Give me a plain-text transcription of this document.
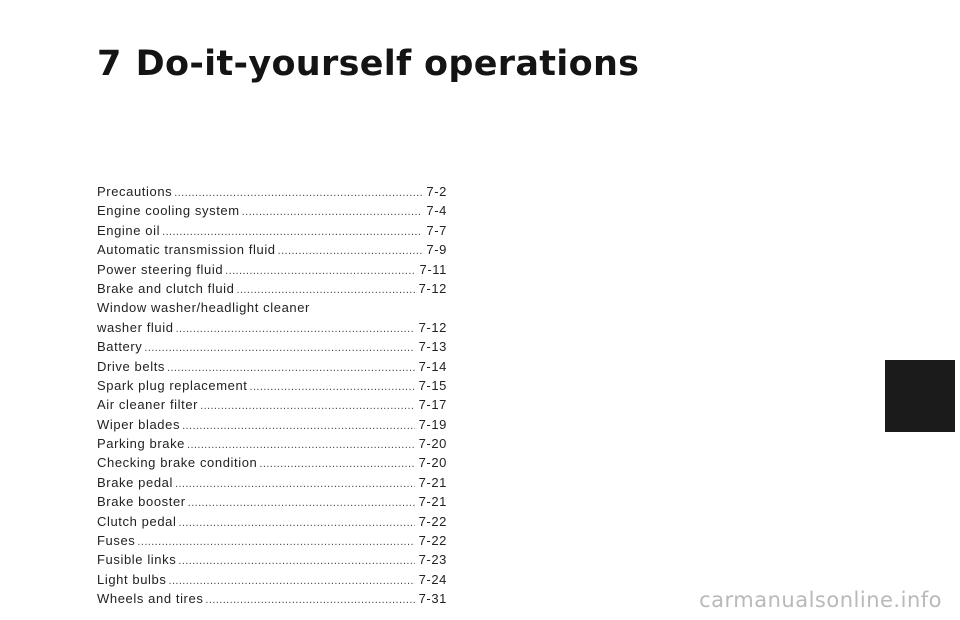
7 Do-it-yourself operations
Precautions .....	7-2
Engine cooling system .....	7-4
Engine oil .....	7-7
Automatic transmission fluid .....	7-9
Power steering fluid .....	7-11
Brake and clutch fluid .....	7-12
Window washer/headlight cleaner
washer fluid .....	7-12
Battery .....	7-13
Drive belts .....	7-14
Spark plug replacement .....	7-15
Air cleaner filter .....	7-17
Wiper blades .....	7-19
Parking brake .....	7-20
Checking brake condition .....	7-20
Brake pedal .....	7-21
Brake booster .....	7-21
Clutch pedal .....	7-22
Fuses .....	7-22
Fusible links .....	7-23
Light bulbs .....	7-24
Wheels and tires .....	7-31	carmanualsonline.info
